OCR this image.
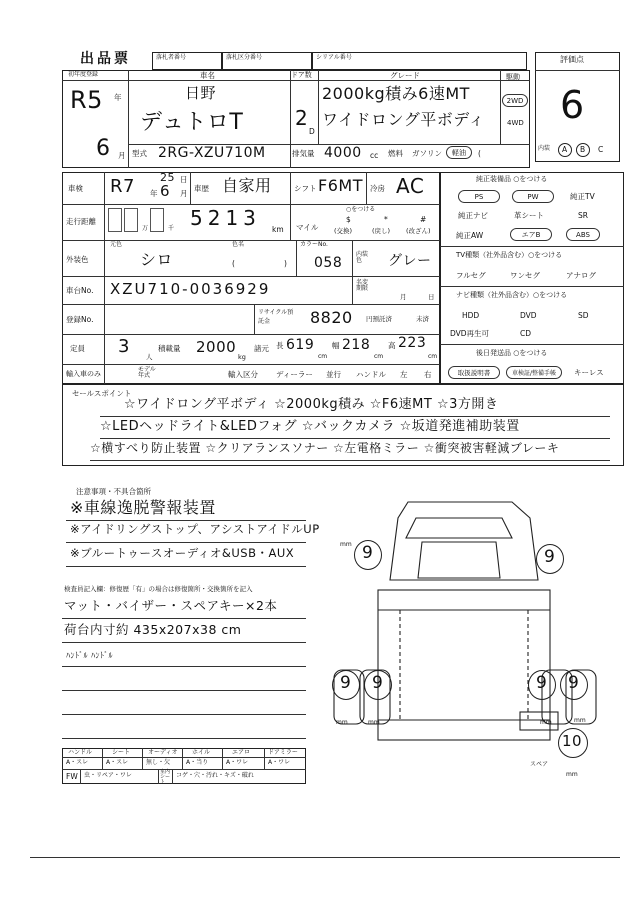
出品票	落札者番号	落札区分番号	シリアル番号	評価点
6
初年度登録
R5 年
6 月
車名
日野
デュトロT
ドア数
2
D
グレード
2000kg積み6速MT
ワイドロング平ボディ
駆動
2WD
4WD
型式 2RG-XZU710M	排気量 4000 cc 燃料 ガソリン	軽油	(
内装 A B C
車検 R7 年
25
6
日
月
車歴 自家用	シフト F6MT 冷房 AC
走行距離
万	千 5213 km
○をつける
マイル
$
(交換)
*
(戻し)
#
(改ざん)
外装色
元色	色名
シロ	(	)
カラーNo.
058
内装色	グレー
車台No. XZU710-0036929	名変期限
月	日
登録No.
リサイクル預託金	8820 円預託済	未済
定員 3 人
積載量 2000
kg
諸元 長 619
cm
幅 218
cm
高 223
cm
輸入車のみ
モデル年式	輸入区分 ディーラー 並行 ハンドル 左 右
純正装備品 ○をつける
PS	PW	純正TV
純正ナビ	革シート	SR
純正AW	エアB	ABS
TV種類（社外品含む）○をつける
フルセグ	ワンセグ	アナログ
ナビ種類（社外品含む）○をつける
HDD	DVD	SD
DVD再生可	CD
後日発送品 ○をつける
取扱説明書	車検証/整備手帳	キーレス
セールスポイント
☆ワイドロング平ボディ ☆2000kg積み ☆F6速MT ☆3方開き
☆LEDヘッドライト&LEDフォグ ☆バックカメラ ☆坂道発進補助装置
☆横すべり防止装置 ☆クリアランスソナー ☆左電格ミラー ☆衝突被害軽減ブレーキ
注意事項・不具合箇所
※車線逸脱警報装置
※アイドリングストップ、アシストアイドルUP
※ブルートゥースオーディオ&USB・AUX
検査員記入欄：修復歴「有」の場合は修復箇所・交換箇所を記入
マット・バイザー・スペアキー×2本
荷台内寸約 435x207x38 cm
ﾊﾝﾄﾞﾙ ﾊﾝﾄﾞﾙ
9
mm
9
9 9	9 9
mm	mm	mm	mm
10
スペア
mm
ハンドル	シート	オーディオ ホイル	エアロ	ドアミラー
A・スレ	A・スレ	無し・欠	A・当り	A・ワレ	A・ワレ
FW 虫・リペア・ワレ	室内シート
コゲ・穴・汚れ・キズ・破れ
